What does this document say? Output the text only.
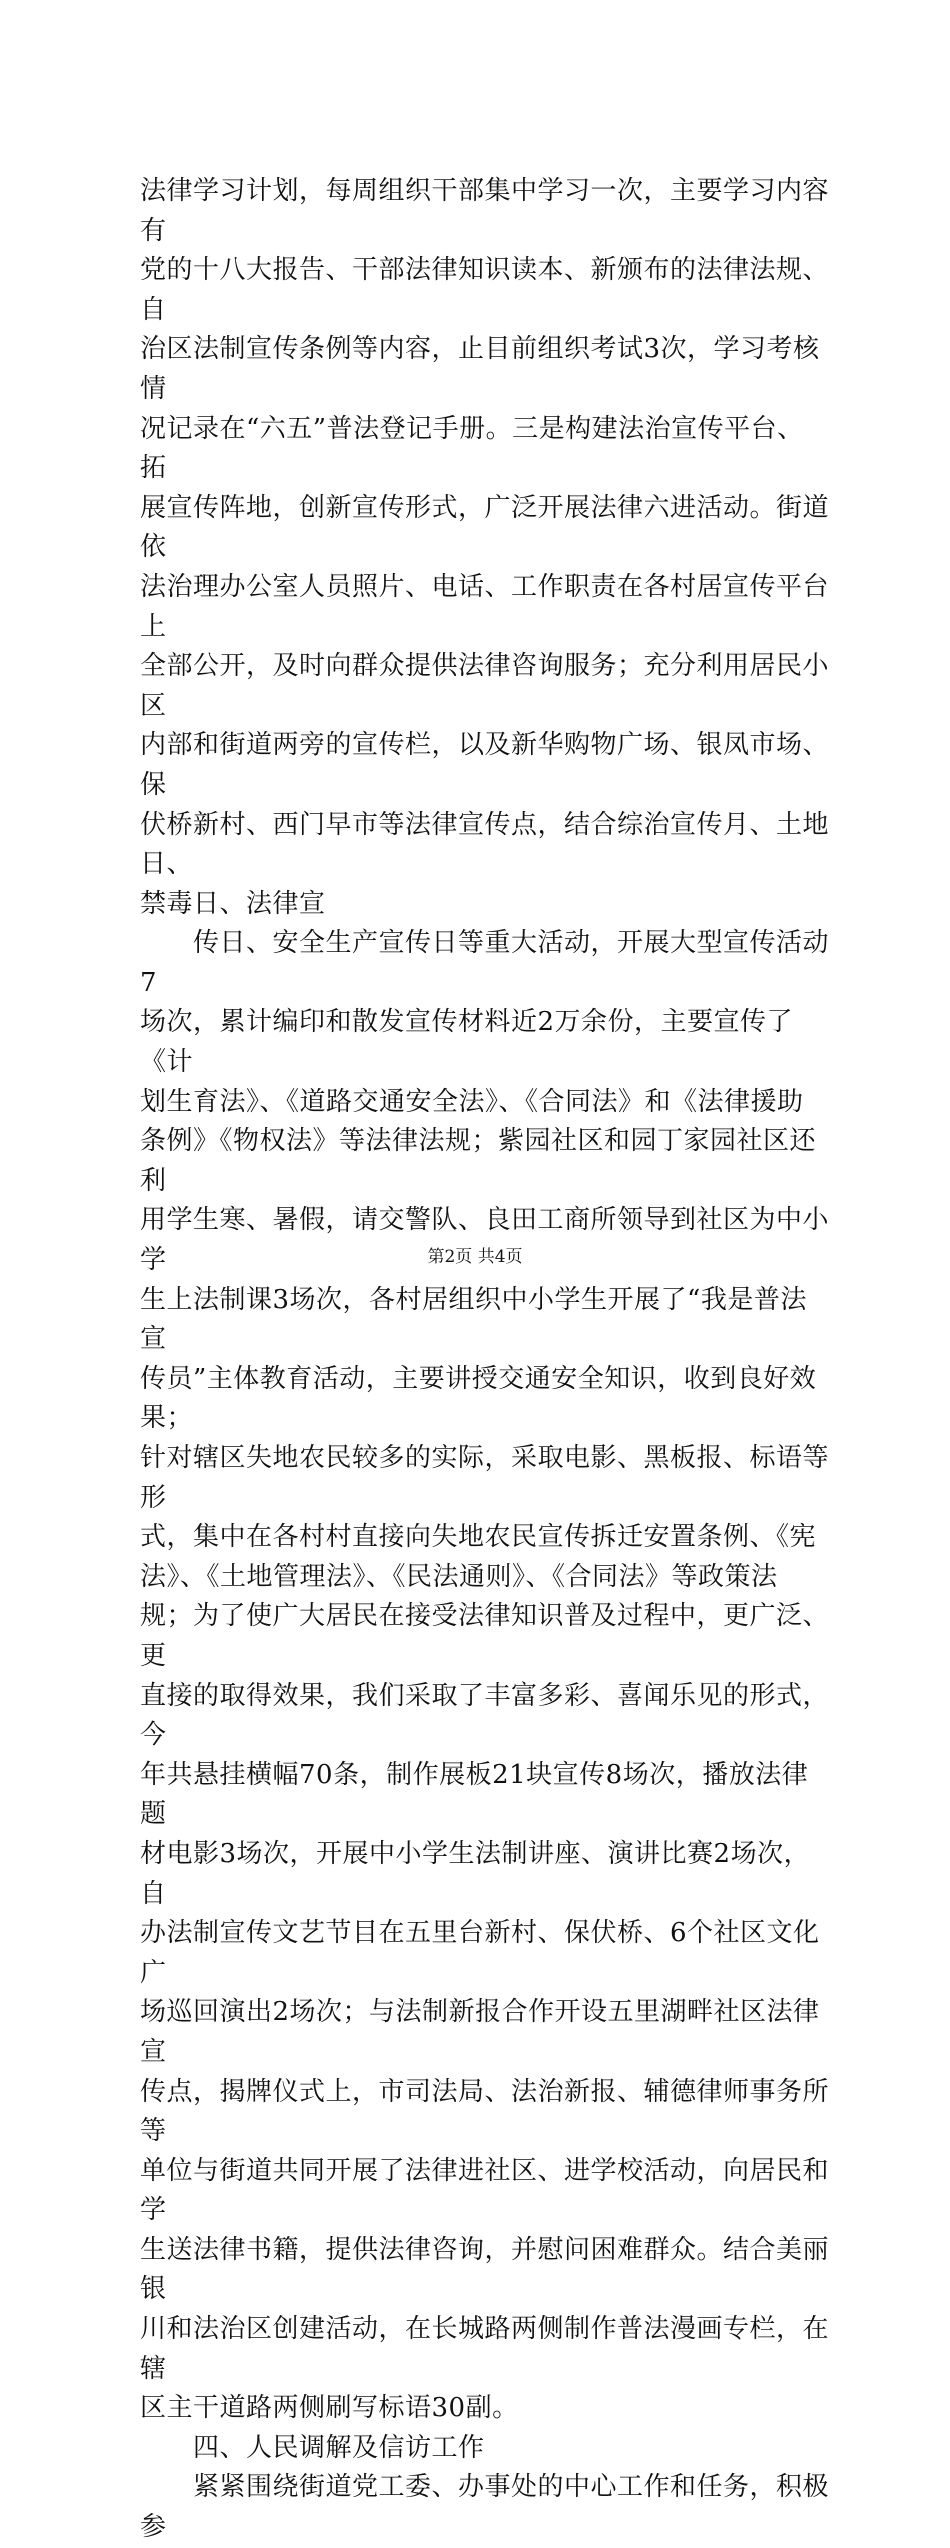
法律学习计划，每周组织干部集中学习一次，主要学习内容有
党的十八大报告、干部法律知识读本、新颁布的法律法规、自
治区法制宣传条例等内容，止目前组织考试3次，学习考核情
况记录在“六五”普法登记手册。三是构建法治宣传平台、拓
展宣传阵地，创新宣传形式，广泛开展法律六进活动。街道依
法治理办公室人员照片、电话、工作职责在各村居宣传平台上
全部公开，及时向群众提供法律咨询服务；充分利用居民小区
内部和街道两旁的宣传栏，以及新华购物广场、银凤市场、保
伏桥新村、西门早市等法律宣传点，结合综治宣传月、土地日、
禁毒日、法律宣

　　传日、安全生产宣传日等重大活动，开展大型宣传活动7
场次，累计编印和散发宣传材料近2万余份，主要宣传了《计
划生育法》、《道路交通安全法》、《合同法》和《法律援助
条例》《物权法》等法律法规；紫园社区和园丁家园社区还利
用学生寒、暑假，请交警队、良田工商所领导到社区为中小学
生上法制课3场次，各村居组织中小学生开展了“我是普法宣
传员”主体教育活动，主要讲授交通安全知识，收到良好效果；
针对辖区失地农民较多的实际，采取电影、黑板报、标语等形
式，集中在各村村直接向失地农民宣传拆迁安置条例、《宪
法》、《土地管理法》、《民法通则》、《合同法》等政策法
规；为了使广大居民在接受法律知识普及过程中，更广泛、更
直接的取得效果，我们采取了丰富多彩、喜闻乐见的形式，今
年共悬挂横幅70条，制作展板21块宣传8场次，播放法律题
材电影3场次，开展中小学生法制讲座、演讲比赛2场次，自
办法制宣传文艺节目在五里台新村、保伏桥、6个社区文化广
场巡回演出2场次；与法制新报合作开设五里湖畔社区法律宣
传点，揭牌仪式上，市司法局、法治新报、辅德律师事务所等
单位与街道共同开展了法律进社区、进学校活动，向居民和学
生送法律书籍，提供法律咨询，并慰问困难群众。结合美丽银
川和法治区创建活动，在长城路两侧制作普法漫画专栏，在辖
区主干道路两侧刷写标语30副。

　　四、人民调解及信访工作

　　紧紧围绕街道党工委、办事处的中心工作和任务，积极参

第2页 共4页
